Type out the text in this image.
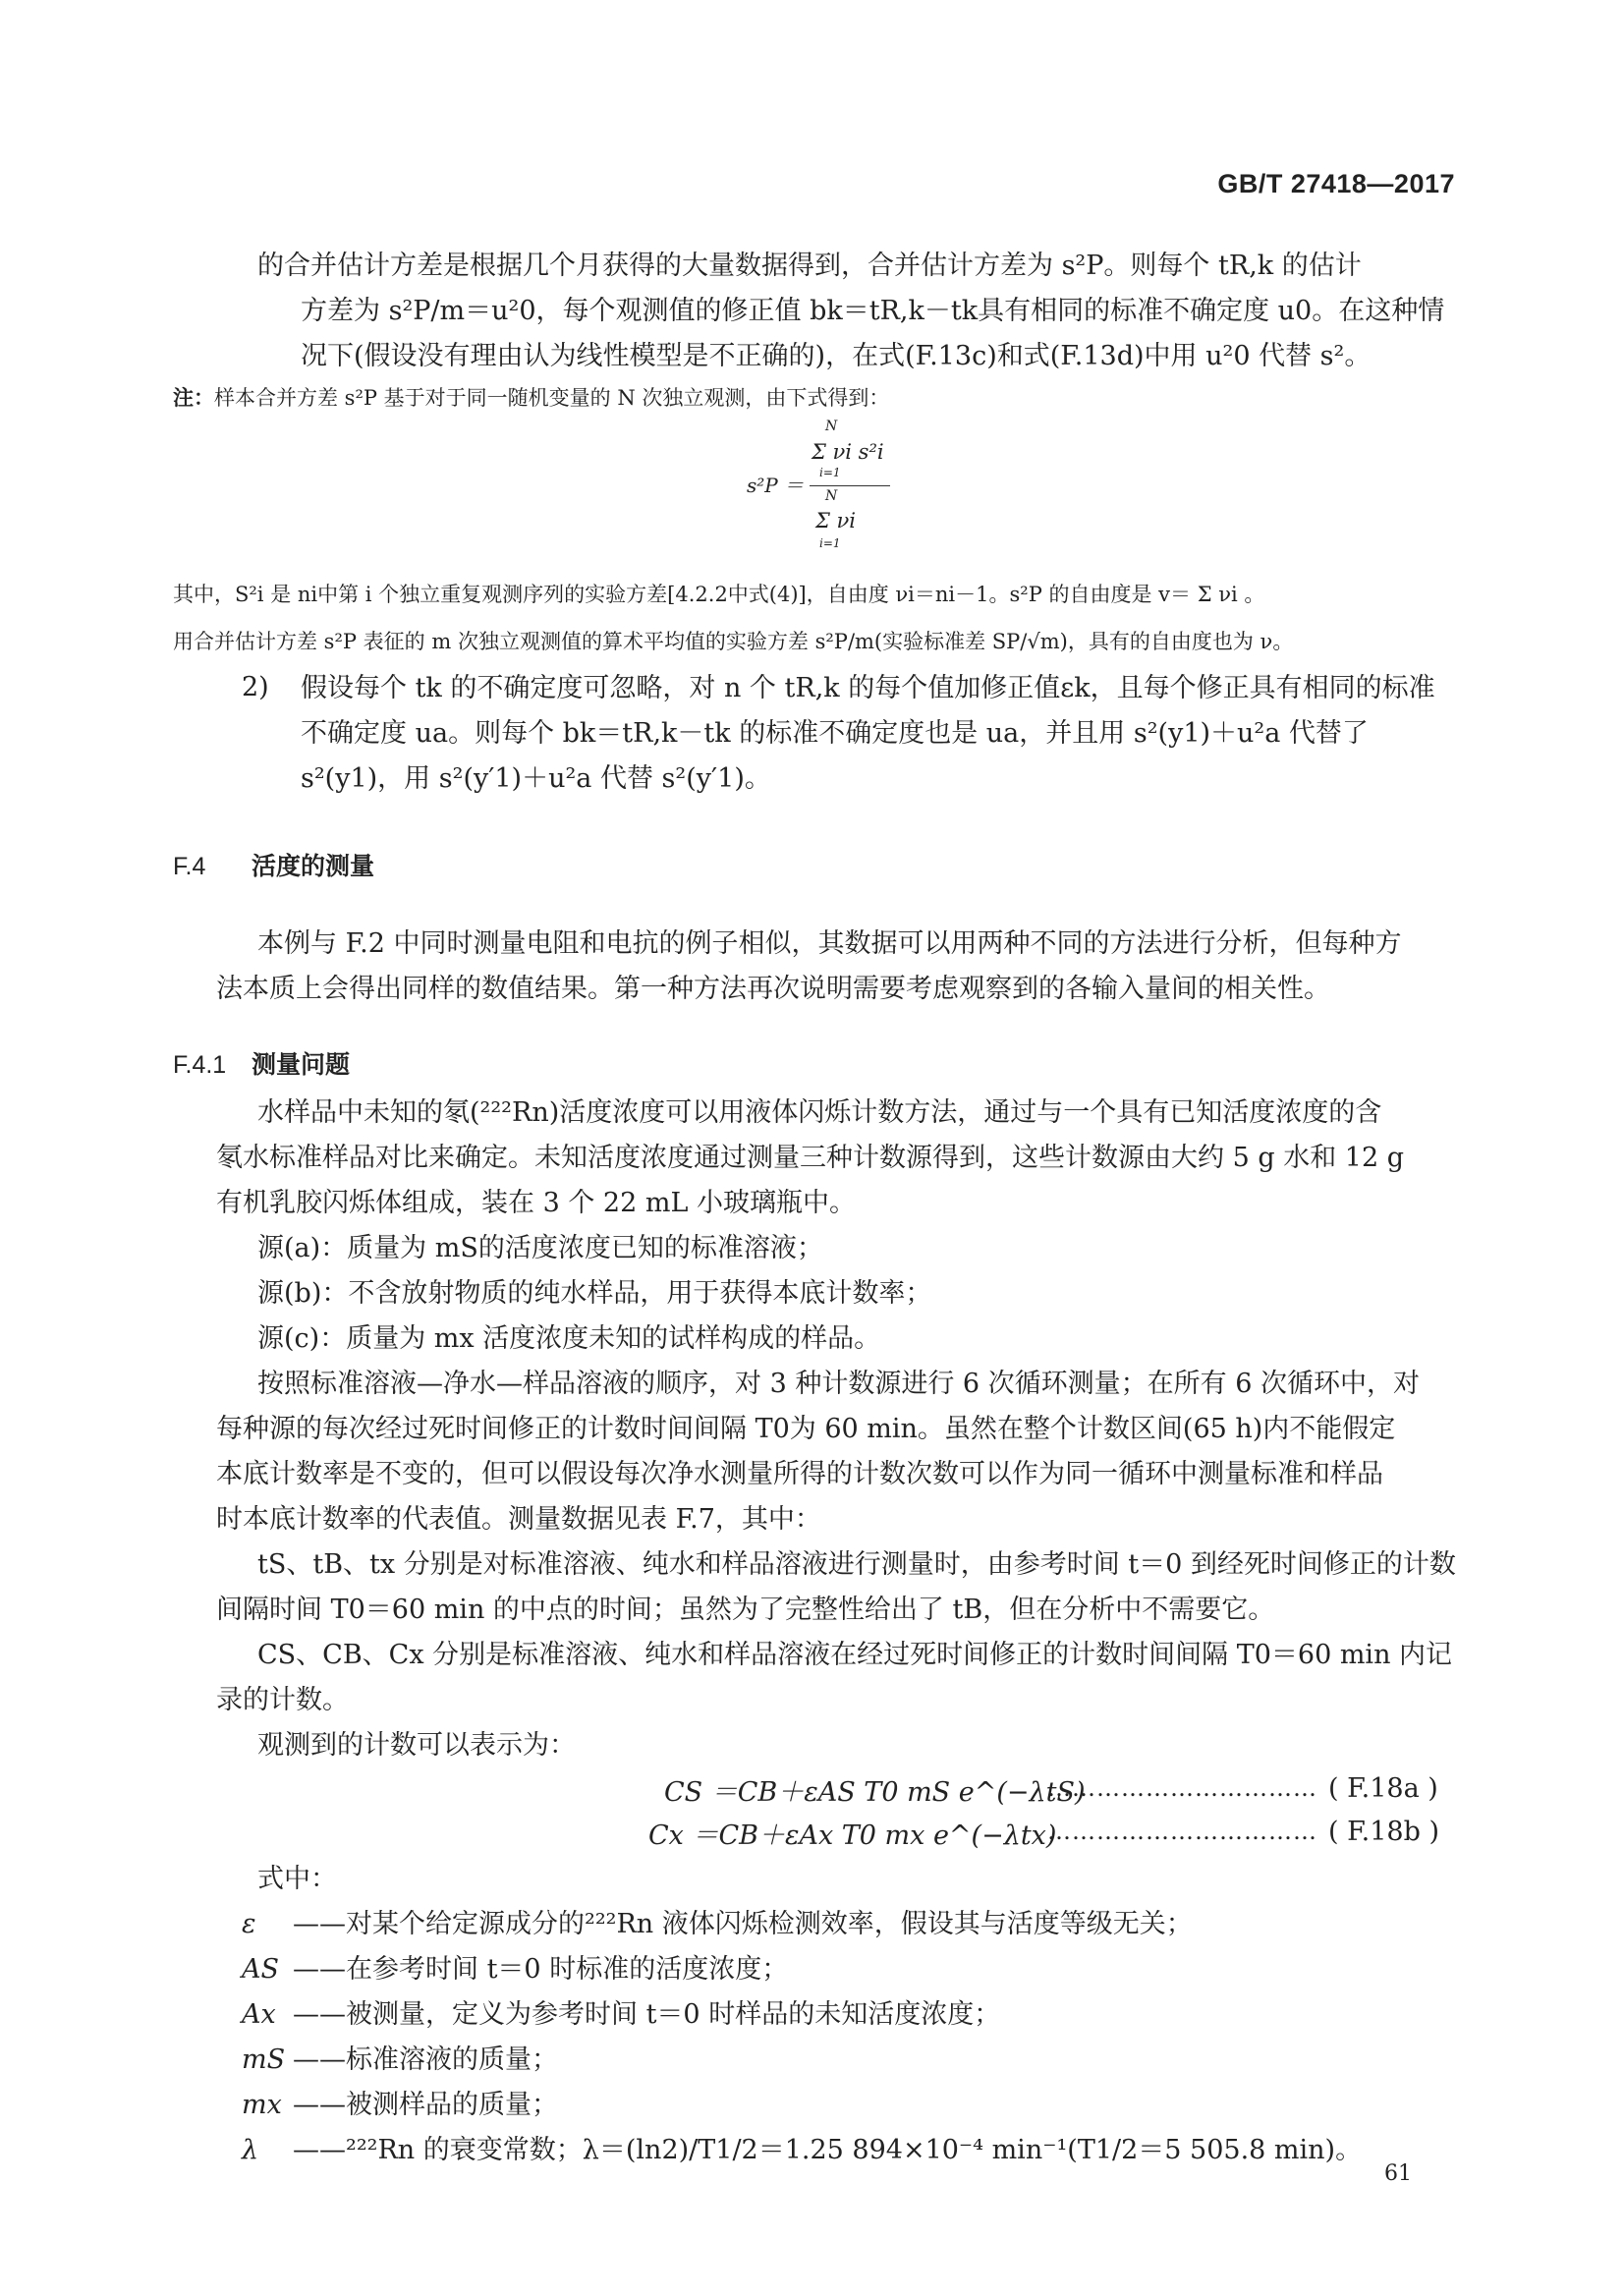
GB/T 27418—2017
的合并估计方差是根据几个月获得的大量数据得到，合并估计方差为 s²P。则每个 tR,k 的估计
方差为 s²P/m＝u²0，每个观测值的修正值 bk＝tR,k－tk具有相同的标准不确定度 u0。在这种情
况下(假设没有理由认为线性模型是不正确的)，在式(F.13c)和式(F.13d)中用 u²0 代替 s²。
注：样本合并方差 s²P 基于对于同一随机变量的 N 次独立观测，由下式得到：
s²P ＝
N
Σ νi s²i
i=1
N
Σ νi
i=1
其中，S²i 是 ni中第 i 个独立重复观测序列的实验方差[4.2.2中式(4)]，自由度 νi＝ni－1。s²P 的自由度是 v＝ Σ νi 。
用合并估计方差 s²P 表征的 m 次独立观测值的算术平均值的实验方差 s²P/m(实验标准差 SP/√m)，具有的自由度也为 ν。
2) 假设每个 tk 的不确定度可忽略，对 n 个 tR,k 的每个值加修正值εk，且每个修正具有相同的标准
不确定度 ua。则每个 bk＝tR,k－tk 的标准不确定度也是 ua，并且用 s²(y1)＋u²a 代替了
s²(y1)，用 s²(y′1)＋u²a 代替 s²(y′1)。
F.4 活度的测量
本例与 F.2 中同时测量电阻和电抗的例子相似，其数据可以用两种不同的方法进行分析，但每种方
法本质上会得出同样的数值结果。第一种方法再次说明需要考虑观察到的各输入量间的相关性。
F.4.1 测量问题
水样品中未知的氡(²²²Rn)活度浓度可以用液体闪烁计数方法，通过与一个具有已知活度浓度的含
氡水标准样品对比来确定。未知活度浓度通过测量三种计数源得到，这些计数源由大约 5 g 水和 12 g
有机乳胶闪烁体组成，装在 3 个 22 mL 小玻璃瓶中。
源(a)：质量为 mS的活度浓度已知的标准溶液；
源(b)：不含放射物质的纯水样品，用于获得本底计数率；
源(c)：质量为 mx 活度浓度未知的试样构成的样品。
按照标准溶液—净水—样品溶液的顺序，对 3 种计数源进行 6 次循环测量；在所有 6 次循环中，对
每种源的每次经过死时间修正的计数时间间隔 T0为 60 min。虽然在整个计数区间(65 h)内不能假定
本底计数率是不变的，但可以假设每次净水测量所得的计数次数可以作为同一循环中测量标准和样品
时本底计数率的代表值。测量数据见表 F.7，其中：
tS、tB、tx 分别是对标准溶液、纯水和样品溶液进行测量时，由参考时间 t＝0 到经死时间修正的计数
间隔时间 T0＝60 min 的中点的时间；虽然为了完整性给出了 tB，但在分析中不需要它。
CS、CB、Cx 分别是标准溶液、纯水和样品溶液在经过死时间修正的计数时间间隔 T0＝60 min 内记
录的计数。
观测到的计数可以表示为：
CS ＝CB＋εAS T0 mS e^(−λtS)
…………………………… ( F.18a )
Cx ＝CB＋εAx T0 mx e^(−λtx)
…………………………… ( F.18b )
式中：
ε ——对某个给定源成分的²²²Rn 液体闪烁检测效率，假设其与活度等级无关；
AS ——在参考时间 t＝0 时标准的活度浓度；
Ax ——被测量，定义为参考时间 t＝0 时样品的未知活度浓度；
mS ——标准溶液的质量；
mx ——被测样品的质量；
λ ——²²²Rn 的衰变常数；λ＝(ln2)/T1/2＝1.25 894×10⁻⁴ min⁻¹(T1/2＝5 505.8 min)。
61
